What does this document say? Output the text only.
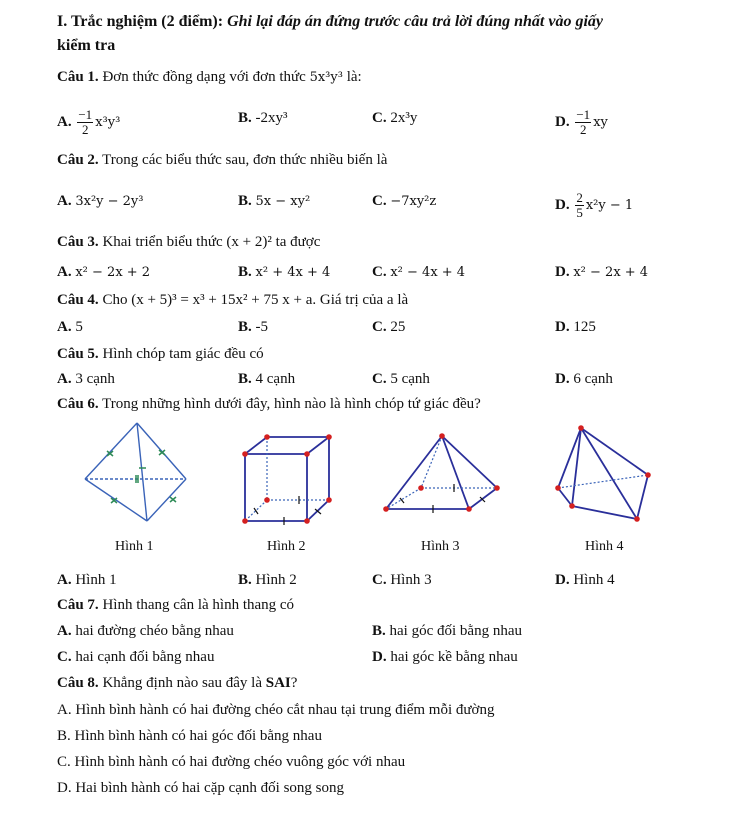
I. Trắc nghiệm (2 điểm): Ghi lại đáp án đứng trước câu trả lời đúng nhất vào giấy
kiểm tra
Câu 1. Đơn thức đồng dạng với đơn thức 5x³y³ là:
A. $\frac{-1}{2} x^3y^3$	B. -2xy³	C. 2x³y	D. $\frac{-1}{2}$ xy
Câu 2. Trong các biểu thức sau, đơn thức nhiều biến là
A. 3x²y − 2y³	B. 5x − xy²	C. −7xy²z	D. $\frac{2}{5} x^2y - 1$
Câu 3. Khai triển biểu thức (x + 2)² ta được
A. x² − 2x + 2	B. x² + 4x + 4	C. x² − 4x + 4	D. x² − 2x + 4
Câu 4. Cho (x + 5)³ = x³ + 15x² + 75 x + a. Giá trị của a là
A. 5	B. -5	C. 25	D. 125
Câu 5. Hình chóp tam giác đều có
A. 3 cạnh	B. 4 cạnh	C. 5 cạnh	D. 6 cạnh
Câu 6. Trong những hình dưới đây, hình nào là hình chóp tứ giác đều?
Hình 1	Hình 2	Hình 3	Hình 4
A. Hình 1	B. Hình 2	C. Hình 3	D. Hình 4
Câu 7. Hình thang cân là hình thang có
A. hai đường chéo bằng nhau	B. hai góc đối bằng nhau
C. hai cạnh đối bằng nhau	D. hai góc kề bằng nhau
Câu 8. Khẳng định nào sau đây là SAI?
A. Hình bình hành có hai đường chéo cắt nhau tại trung điểm mỗi đường
B. Hình bình hành có hai góc đối bằng nhau
C. Hình bình hành có hai đường chéo vuông góc với nhau
D. Hai bình hành có hai cặp cạnh đối song song
